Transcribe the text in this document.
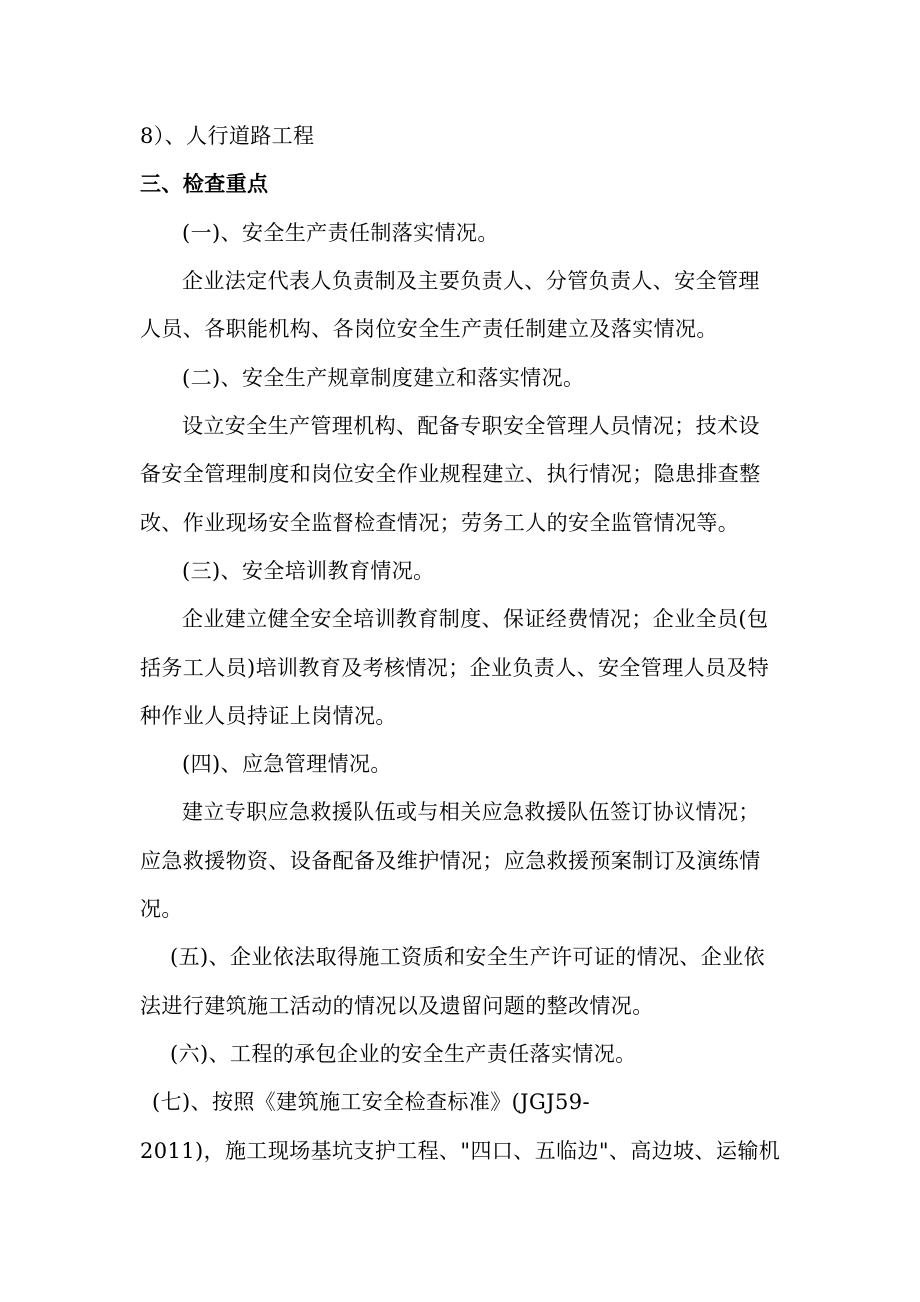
8）、人行道路工程
三、检查重点
(一)、安全生产责任制落实情况。
企业法定代表人负责制及主要负责人、分管负责人、安全管理
人员、各职能机构、各岗位安全生产责任制建立及落实情况。
(二)、安全生产规章制度建立和落实情况。
设立安全生产管理机构、配备专职安全管理人员情况；技术设
备安全管理制度和岗位安全作业规程建立、执行情况；隐患排查整
改、作业现场安全监督检查情况；劳务工人的安全监管情况等。
(三)、安全培训教育情况。
企业建立健全安全培训教育制度、保证经费情况；企业全员(包
括务工人员)培训教育及考核情况；企业负责人、安全管理人员及特
种作业人员持证上岗情况。
(四)、应急管理情况。
建立专职应急救援队伍或与相关应急救援队伍签订协议情况；
应急救援物资、设备配备及维护情况；应急救援预案制订及演练情
况。
(五)、企业依法取得施工资质和安全生产许可证的情况、企业依
法进行建筑施工活动的情况以及遗留问题的整改情况。
(六)、工程的承包企业的安全生产责任落实情况。
(七)、按照《建筑施工安全检查标准》(JGJ59-
2011)，施工现场基坑支护工程、"四口、五临边"、高边坡、运输机
